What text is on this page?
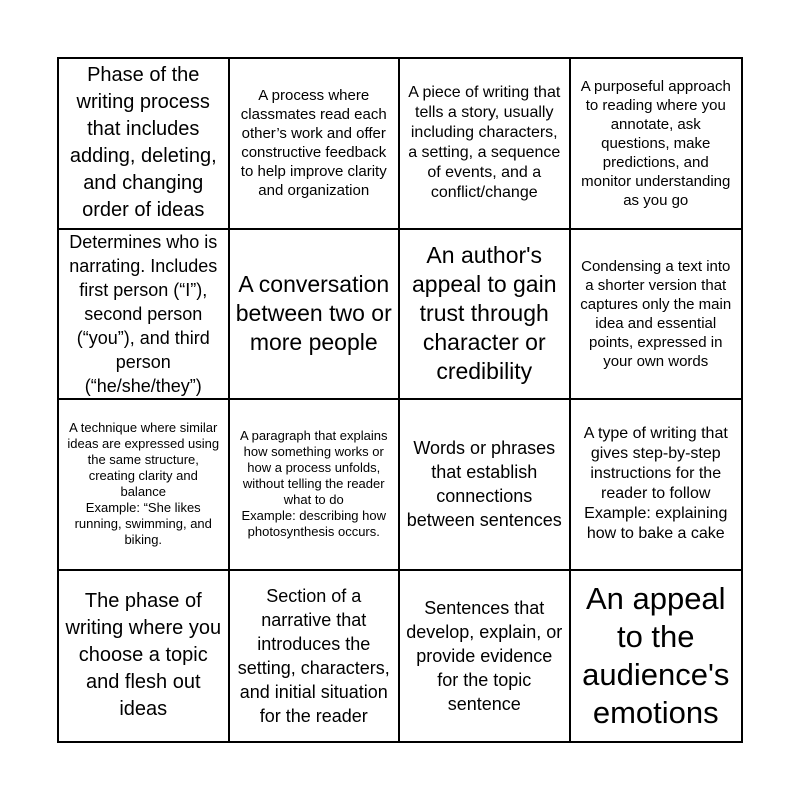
Phase of the writing process that includes adding, deleting, and changing order of ideas
A process where classmates read each other’s work and offer constructive feedback to help improve clarity and organization
A piece of writing that tells a story, usually including characters, a setting, a sequence of events, and a conflict/change
A purposeful approach to reading where you annotate, ask questions, make predictions, and monitor understanding as you go
Determines who is narrating. Includes first person (“I”), second person (“you”), and third person (“he/she/they”)
A conversation between two or more people
An author's appeal to gain trust through character or credibility
Condensing a text into a shorter version that captures only the main idea and essential points, expressed in your own words
A technique where similar ideas are expressed using the same structure, creating clarity and balance
Example: “She likes running, swimming, and biking.
A paragraph that explains how something works or how a process unfolds, without telling the reader what to do
Example: describing how photosynthesis occurs.
Words or phrases that establish connections between sentences
A type of writing that gives step-by-step instructions for the reader to follow
Example: explaining how to bake a cake
The phase of writing where you choose a topic and flesh out ideas
Section of a narrative that introduces the setting, characters, and initial situation for the reader
Sentences that develop, explain, or provide evidence for the topic sentence
An appeal to the audience's emotions
